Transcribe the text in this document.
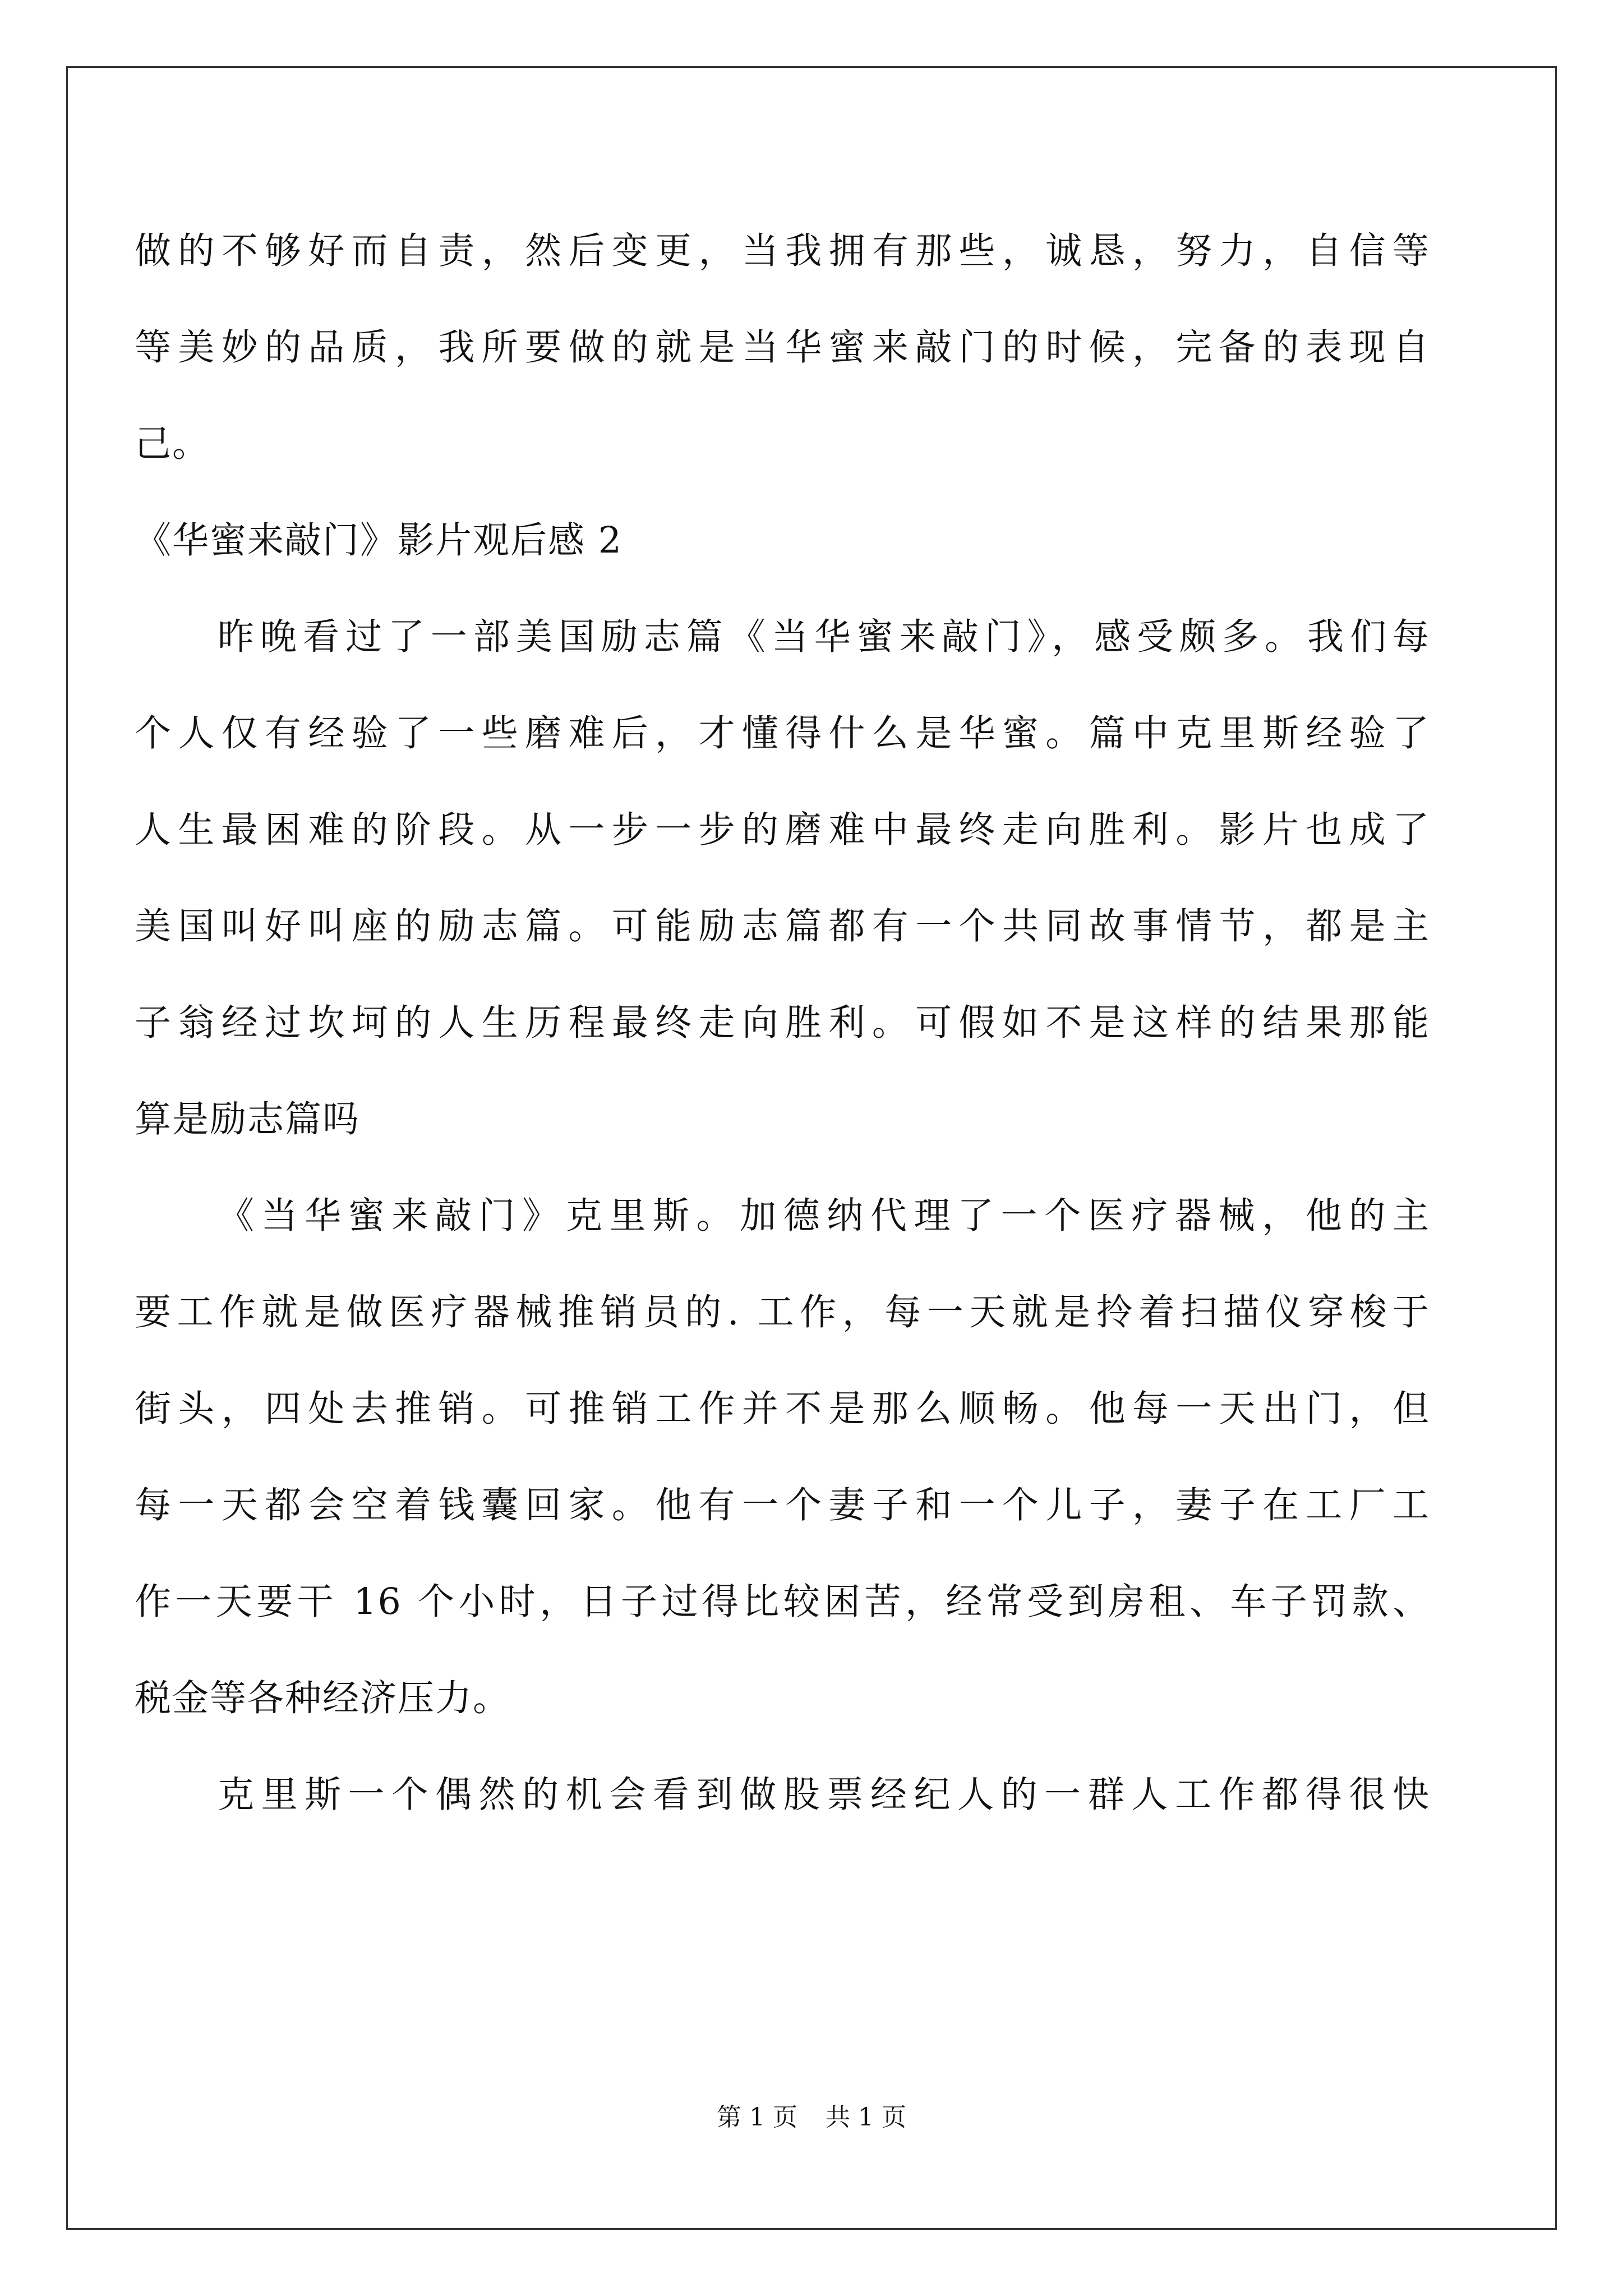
做的不够好而自责，然后变更，当我拥有那些，诚恳，努力，自信等
等美妙的品质，我所要做的就是当华蜜来敲门的时候，完备的表现自
己。
《华蜜来敲门》影片观后感 2
昨晚看过了一部美国励志篇《当华蜜来敲门》，感受颇多。我们每
个人仅有经验了一些磨难后，才懂得什么是华蜜。篇中克里斯经验了
人生最困难的阶段。从一步一步的磨难中最终走向胜利。影片也成了
美国叫好叫座的励志篇。可能励志篇都有一个共同故事情节，都是主
子翁经过坎坷的人生历程最终走向胜利。可假如不是这样的结果那能
算是励志篇吗
《当华蜜来敲门》克里斯。加德纳代理了一个医疗器械，他的主
要工作就是做医疗器械推销员的. 工作，每一天就是拎着扫描仪穿梭于
街头，四处去推销。可推销工作并不是那么顺畅。他每一天出门，但
每一天都会空着钱囊回家。他有一个妻子和一个儿子，妻子在工厂工
作一天要干 16 个小时，日子过得比较困苦，经常受到房租、车子罚款、
税金等各种经济压力。
克里斯一个偶然的机会看到做股票经纪人的一群人工作都得很快
第 1 页 共 1 页
